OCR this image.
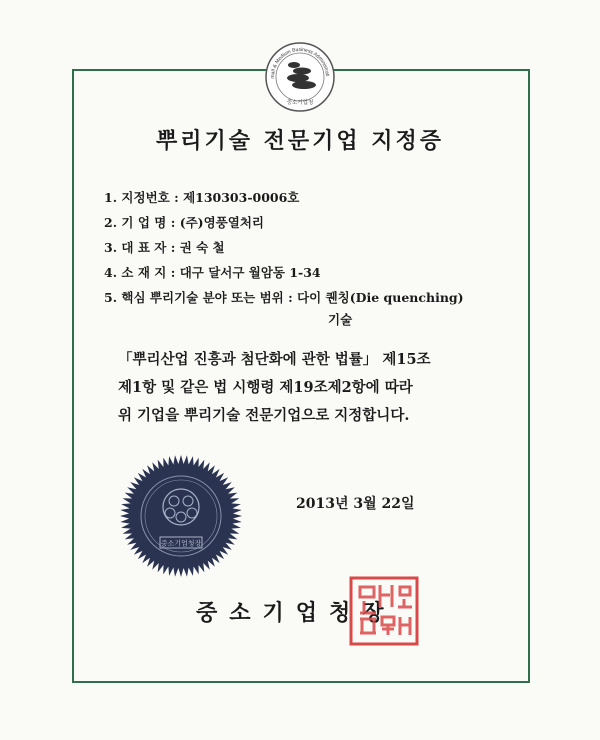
mall & Medium Business Administrati
중소기업청
뿌리기술 전문기업 지정증
1. 지정번호 : 제130303-0006호
2. 기 업 명 : (주)영풍열처리
3. 대 표 자 : 권 숙 철
4. 소 재 지 : 대구 달서구 월암동 1-34
5. 핵심 뿌리기술 분야 또는 범위 : 다이 퀜칭(Die quenching)
기술
「뿌리산업 진흥과 첨단화에 관한 법률」 제15조
제1항 및 같은 법 시행령 제19조제2항에 따라
위 기업을 뿌리기술 전문기업으로 지정합니다.
중소기업청장
2013년 3월 22일
중소기업청장
